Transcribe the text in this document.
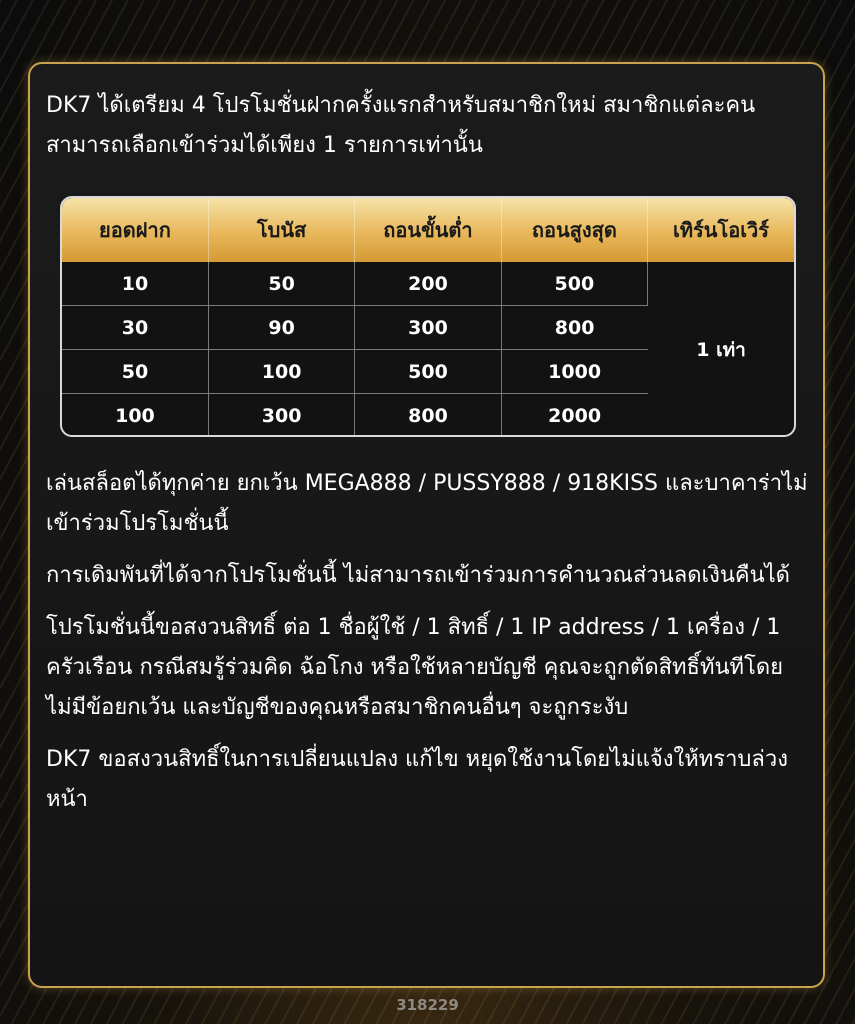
DK7 ได้เตรียม 4 โปรโมชั่นฝากครั้งแรกสำหรับสมาชิกใหม่ สมาชิกแต่ละคนสามารถเลือกเข้าร่วมได้เพียง 1 รายการเท่านั้น

ยอดฝาก	โบนัส	ถอนขั้นต่ำ	ถอนสูงสุด	เทิร์นโอเวิร์
10	50	200	500	1 เท่า
30	90	300	800	
50	100	500	1000	
100	300	800	2000	

เล่นสล็อตได้ทุกค่าย ยกเว้น MEGA888 / PUSSY888 / 918KISS และบาคาร่าไม่เข้าร่วมโปรโมชั่นนี้

การเดิมพันที่ได้จากโปรโมชั่นนี้ ไม่สามารถเข้าร่วมการคำนวณส่วนลดเงินคืนได้

โปรโมชั่นนี้ขอสงวนสิทธิ์ ต่อ 1 ชื่อผู้ใช้ / 1 สิทธิ์ / 1 IP address / 1 เครื่อง / 1 ครัวเรือน กรณีสมรู้ร่วมคิด ฉ้อโกง หรือใช้หลายบัญชี คุณจะถูกตัดสิทธิ์ทันทีโดยไม่มีข้อยกเว้น และบัญชีของคุณหรือสมาชิกคนอื่นๆ จะถูกระงับ

DK7 ขอสงวนสิทธิ์ในการเปลี่ยนแปลง แก้ไข หยุดใช้งานโดยไม่แจ้งให้ทราบล่วงหน้า

318229
